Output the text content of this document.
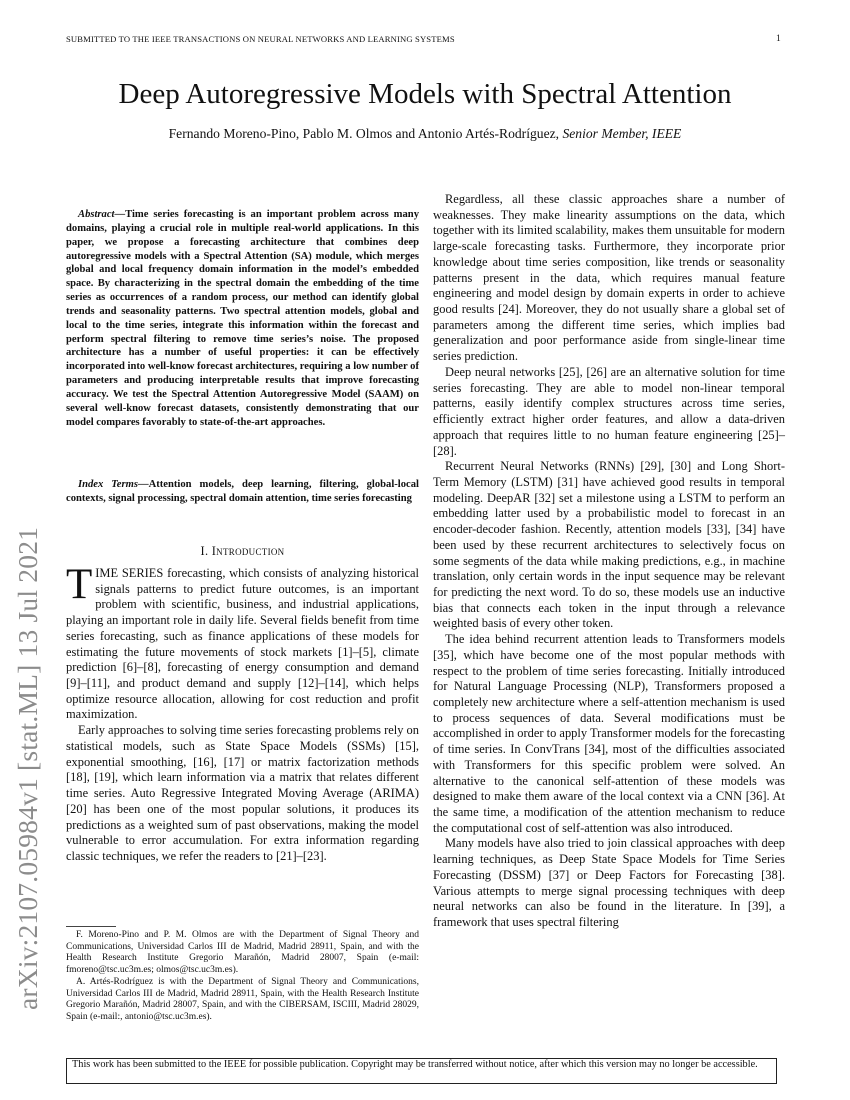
SUBMITTED TO THE IEEE TRANSACTIONS ON NEURAL NETWORKS AND LEARNING SYSTEMS	1
Deep Autoregressive Models with Spectral Attention
Fernando Moreno-Pino, Pablo M. Olmos and Antonio Artés-Rodríguez, Senior Member, IEEE
arXiv:2107.05984v1 [stat.ML] 13 Jul 2021

Abstract—Time series forecasting is an important problem across many domains, playing a crucial role in multiple real-world applications. In this paper, we propose a forecasting architecture that combines deep autoregressive models with a Spectral Attention (SA) module, which merges global and local frequency domain information in the model’s embedded space. By characterizing in the spectral domain the embedding of the time series as occurrences of a random process, our method can identify global trends and seasonality patterns. Two spectral attention models, global and local to the time series, integrate this information within the forecast and perform spectral filtering to remove time series’s noise. The proposed architecture has a number of useful properties: it can be effectively incorporated into well-know forecast architectures, requiring a low number of parameters and producing interpretable results that improve forecasting accuracy. We test the Spectral Attention Autoregressive Model (SAAM) on several well-know forecast datasets, consistently demonstrating that our model compares favorably to state-of-the-art approaches.

Index Terms—Attention models, deep learning, filtering, global-local contexts, signal processing, spectral domain attention, time series forecasting

I. Introduction

TIME SERIES forecasting, which consists of analyzing historical signals patterns to predict future outcomes, is an important problem with scientific, business, and industrial applications, playing an important role in daily life. Several fields benefit from time series forecasting, such as finance applications of these models for estimating the future movements of stock markets [1]–[5], climate prediction [6]–[8], forecasting of energy consumption and demand [9]–[11], and product demand and supply [12]–[14], which helps optimize resource allocation, allowing for cost reduction and profit maximization.

Early approaches to solving time series forecasting problems rely on statistical models, such as State Space Models (SSMs) [15], exponential smoothing, [16], [17] or matrix factorization methods [18], [19], which learn information via a matrix that relates different time series. Auto Regressive Integrated Moving Average (ARIMA) [20] has been one of the most popular solutions, it produces its predictions as a weighted sum of past observations, making the model vulnerable to error accumulation. For extra information regarding classic techniques, we refer the readers to [21]–[23].

Regardless, all these classic approaches share a number of weaknesses. They make linearity assumptions on the data, which together with its limited scalability, makes them unsuitable for modern large-scale forecasting tasks. Furthermore, they incorporate prior knowledge about time series composition, like trends or seasonality patterns present in the data, which requires manual feature engineering and model design by domain experts in order to achieve good results [24]. Moreover, they do not usually share a global set of parameters among the different time series, which implies bad generalization and poor performance aside from single-linear time series prediction.

Deep neural networks [25], [26] are an alternative solution for time series forecasting. They are able to model non-linear temporal patterns, easily identify complex structures across time series, efficiently extract higher order features, and allow a data-driven approach that requires little to no human feature engineering [25]–[28].

Recurrent Neural Networks (RNNs) [29], [30] and Long Short-Term Memory (LSTM) [31] have achieved good results in temporal modeling. DeepAR [32] set a milestone using a LSTM to perform an embedding latter used by a probabilistic model to forecast in an encoder-decoder fashion. Recently, attention models [33], [34] have been used by these recurrent architectures to selectively focus on some segments of the data while making predictions, e.g., in machine translation, only certain words in the input sequence may be relevant for predicting the next word. To do so, these models use an inductive bias that connects each token in the input through a relevance weighted basis of every other token.

The idea behind recurrent attention leads to Transformers models [35], which have become one of the most popular methods with respect to the problem of time series forecasting. Initially introduced for Natural Language Processing (NLP), Transformers proposed a completely new architecture where a self-attention mechanism is used to process sequences of data. Several modifications must be accomplished in order to apply Transformer models for the forecasting of time series. In ConvTrans [34], most of the difficulties associated with Transformers for this specific problem were solved. An alternative to the canonical self-attention of these models was designed to make them aware of the local context via a CNN [36]. At the same time, a modification of the attention mechanism to reduce the computational cost of self-attention was also introduced.

Many models have also tried to join classical approaches with deep learning techniques, as Deep State Space Models for Time Series Forecasting (DSSM) [37] or Deep Factors for Forecasting [38]. Various attempts to merge signal processing techniques with deep neural networks can also be found in the literature. In [39], a framework that uses spectral filtering

F. Moreno-Pino and P. M. Olmos are with the Department of Signal Theory and Communications, Universidad Carlos III de Madrid, Madrid 28911, Spain, and with the Health Research Institute Gregorio Marañón, Madrid 28007, Spain (e-mail: fmoreno@tsc.uc3m.es; olmos@tsc.uc3m.es).

A. Artés-Rodríguez is with the Department of Signal Theory and Communications, Universidad Carlos III de Madrid, Madrid 28911, Spain, with the Health Research Institute Gregorio Marañón, Madrid 28007, Spain, and with the CIBERSAM, ISCIII, Madrid 28029, Spain (e-mail:, antonio@tsc.uc3m.es).

This work has been submitted to the IEEE for possible publication. Copyright may be transferred without notice, after which this version may no longer be accessible.
